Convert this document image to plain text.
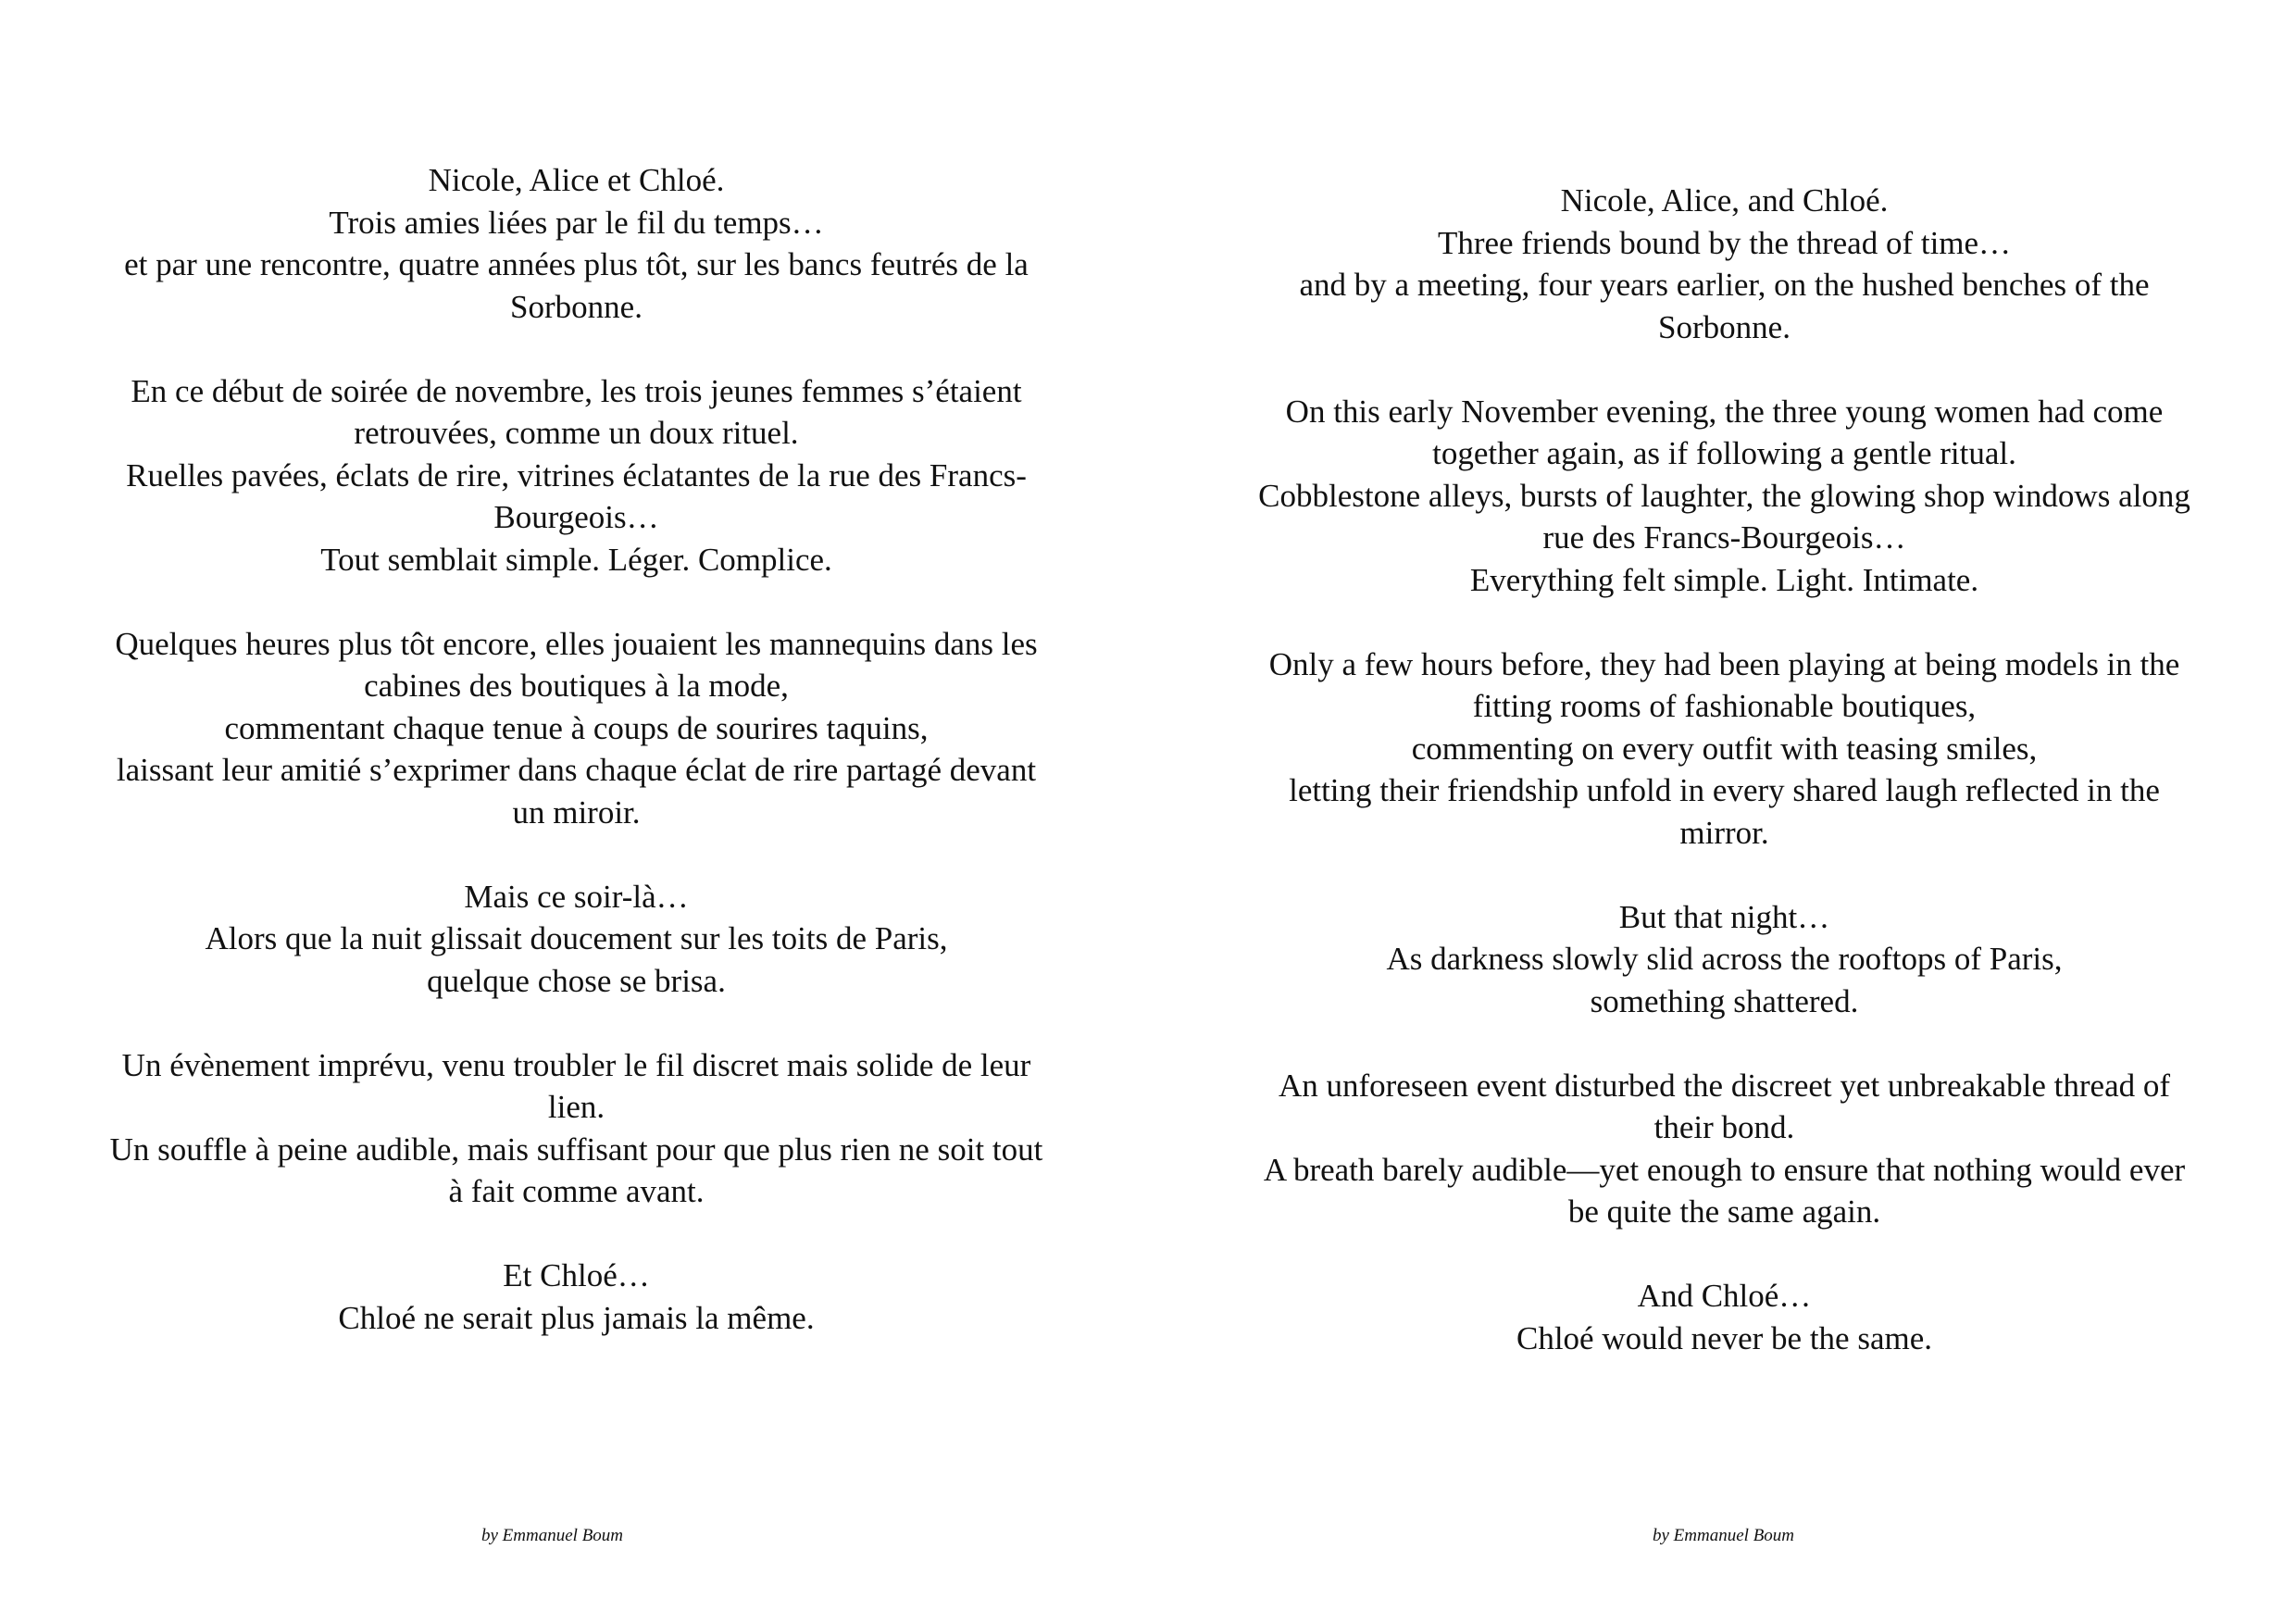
Nicole, Alice et Chloé.
Trois amies liées par le fil du temps…
et par une rencontre, quatre années plus tôt, sur les bancs feutrés de la Sorbonne.

En ce début de soirée de novembre, les trois jeunes femmes s’étaient retrouvées, comme un doux rituel.
Ruelles pavées, éclats de rire, vitrines éclatantes de la rue des Francs-Bourgeois…
Tout semblait simple. Léger. Complice.

Quelques heures plus tôt encore, elles jouaient les mannequins dans les cabines des boutiques à la mode,
commentant chaque tenue à coups de sourires taquins,
laissant leur amitié s’exprimer dans chaque éclat de rire partagé devant un miroir.

Mais ce soir-là…
Alors que la nuit glissait doucement sur les toits de Paris,
quelque chose se brisa.

Un évènement imprévu, venu troubler le fil discret mais solide de leur lien.
Un souffle à peine audible, mais suffisant pour que plus rien ne soit tout à fait comme avant.

Et Chloé…
Chloé ne serait plus jamais la même.

by Emmanuel Boum

Nicole, Alice, and Chloé.
Three friends bound by the thread of time…
and by a meeting, four years earlier, on the hushed benches of the Sorbonne.

On this early November evening, the three young women had come together again, as if following a gentle ritual.
Cobblestone alleys, bursts of laughter, the glowing shop windows along rue des Francs-Bourgeois…
Everything felt simple. Light. Intimate.

Only a few hours before, they had been playing at being models in the fitting rooms of fashionable boutiques,
commenting on every outfit with teasing smiles,
letting their friendship unfold in every shared laugh reflected in the mirror.

But that night…
As darkness slowly slid across the rooftops of Paris,
something shattered.

An unforeseen event disturbed the discreet yet unbreakable thread of their bond.
A breath barely audible—yet enough to ensure that nothing would ever be quite the same again.

And Chloé…
Chloé would never be the same.

by Emmanuel Boum
